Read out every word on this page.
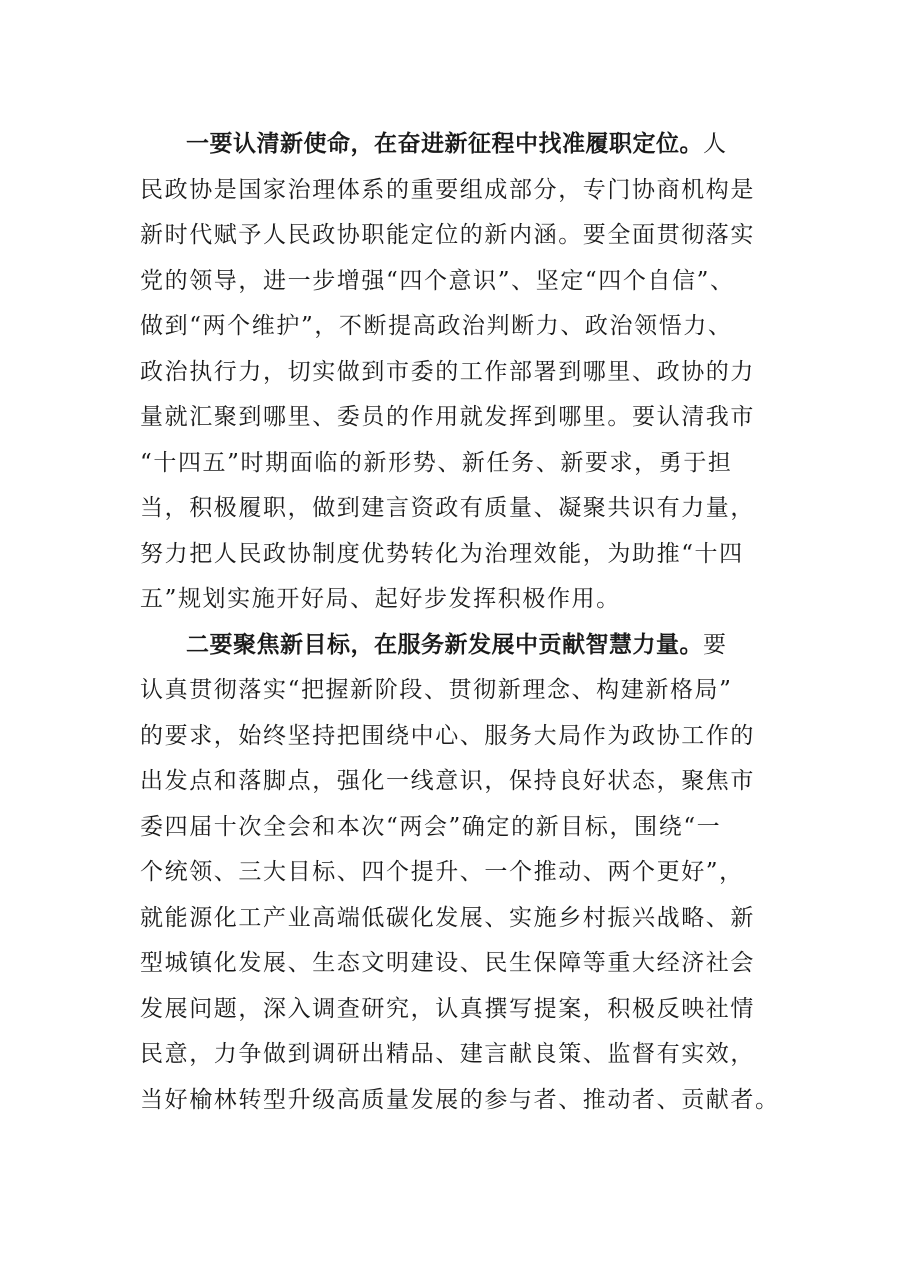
一要认清新使命，在奋进新征程中找准履职定位。人
民政协是国家治理体系的重要组成部分，专门协商机构是
新时代赋予人民政协职能定位的新内涵。要全面贯彻落实
党的领导，进一步增强“四个意识”、坚定“四个自信”、
做到“两个维护”，不断提高政治判断力、政治领悟力、
政治执行力，切实做到市委的工作部署到哪里、政协的力
量就汇聚到哪里、委员的作用就发挥到哪里。要认清我市
“十四五”时期面临的新形势、新任务、新要求，勇于担
当，积极履职，做到建言资政有质量、凝聚共识有力量，
努力把人民政协制度优势转化为治理效能，为助推“十四
五”规划实施开好局、起好步发挥积极作用。

二要聚焦新目标，在服务新发展中贡献智慧力量。要
认真贯彻落实“把握新阶段、贯彻新理念、构建新格局”
的要求，始终坚持把围绕中心、服务大局作为政协工作的
出发点和落脚点，强化一线意识，保持良好状态，聚焦市
委四届十次全会和本次“两会”确定的新目标，围绕“一
个统领、三大目标、四个提升、一个推动、两个更好”，
就能源化工产业高端低碳化发展、实施乡村振兴战略、新
型城镇化发展、生态文明建设、民生保障等重大经济社会
发展问题，深入调查研究，认真撰写提案，积极反映社情
民意，力争做到调研出精品、建言献良策、监督有实效，
当好榆林转型升级高质量发展的参与者、推动者、贡献者。
